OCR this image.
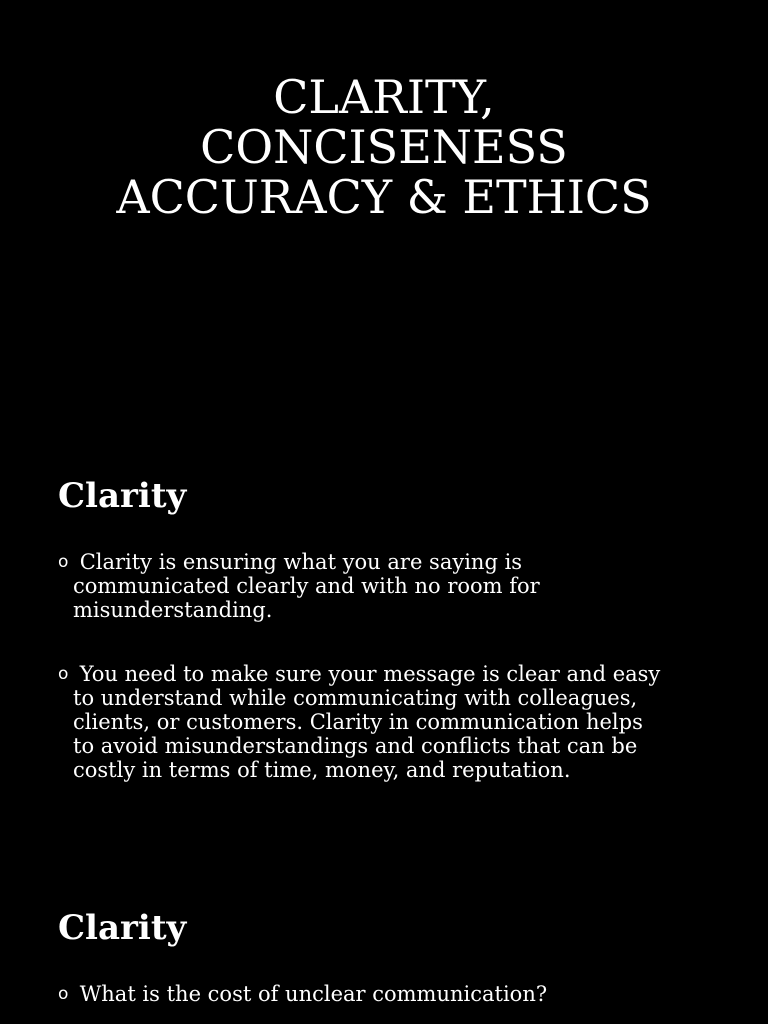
CLARITY,
CONCISENESS
ACCURACY & ETHICS
Clarity
o Clarity is ensuring what you are saying is
communicated clearly and with no room for
misunderstanding.
o You need to make sure your message is clear and easy
to understand while communicating with colleagues,
clients, or customers. Clarity in communication helps
to avoid misunderstandings and conflicts that can be
costly in terms of time, money, and reputation.
Clarity
o What is the cost of unclear communication?
